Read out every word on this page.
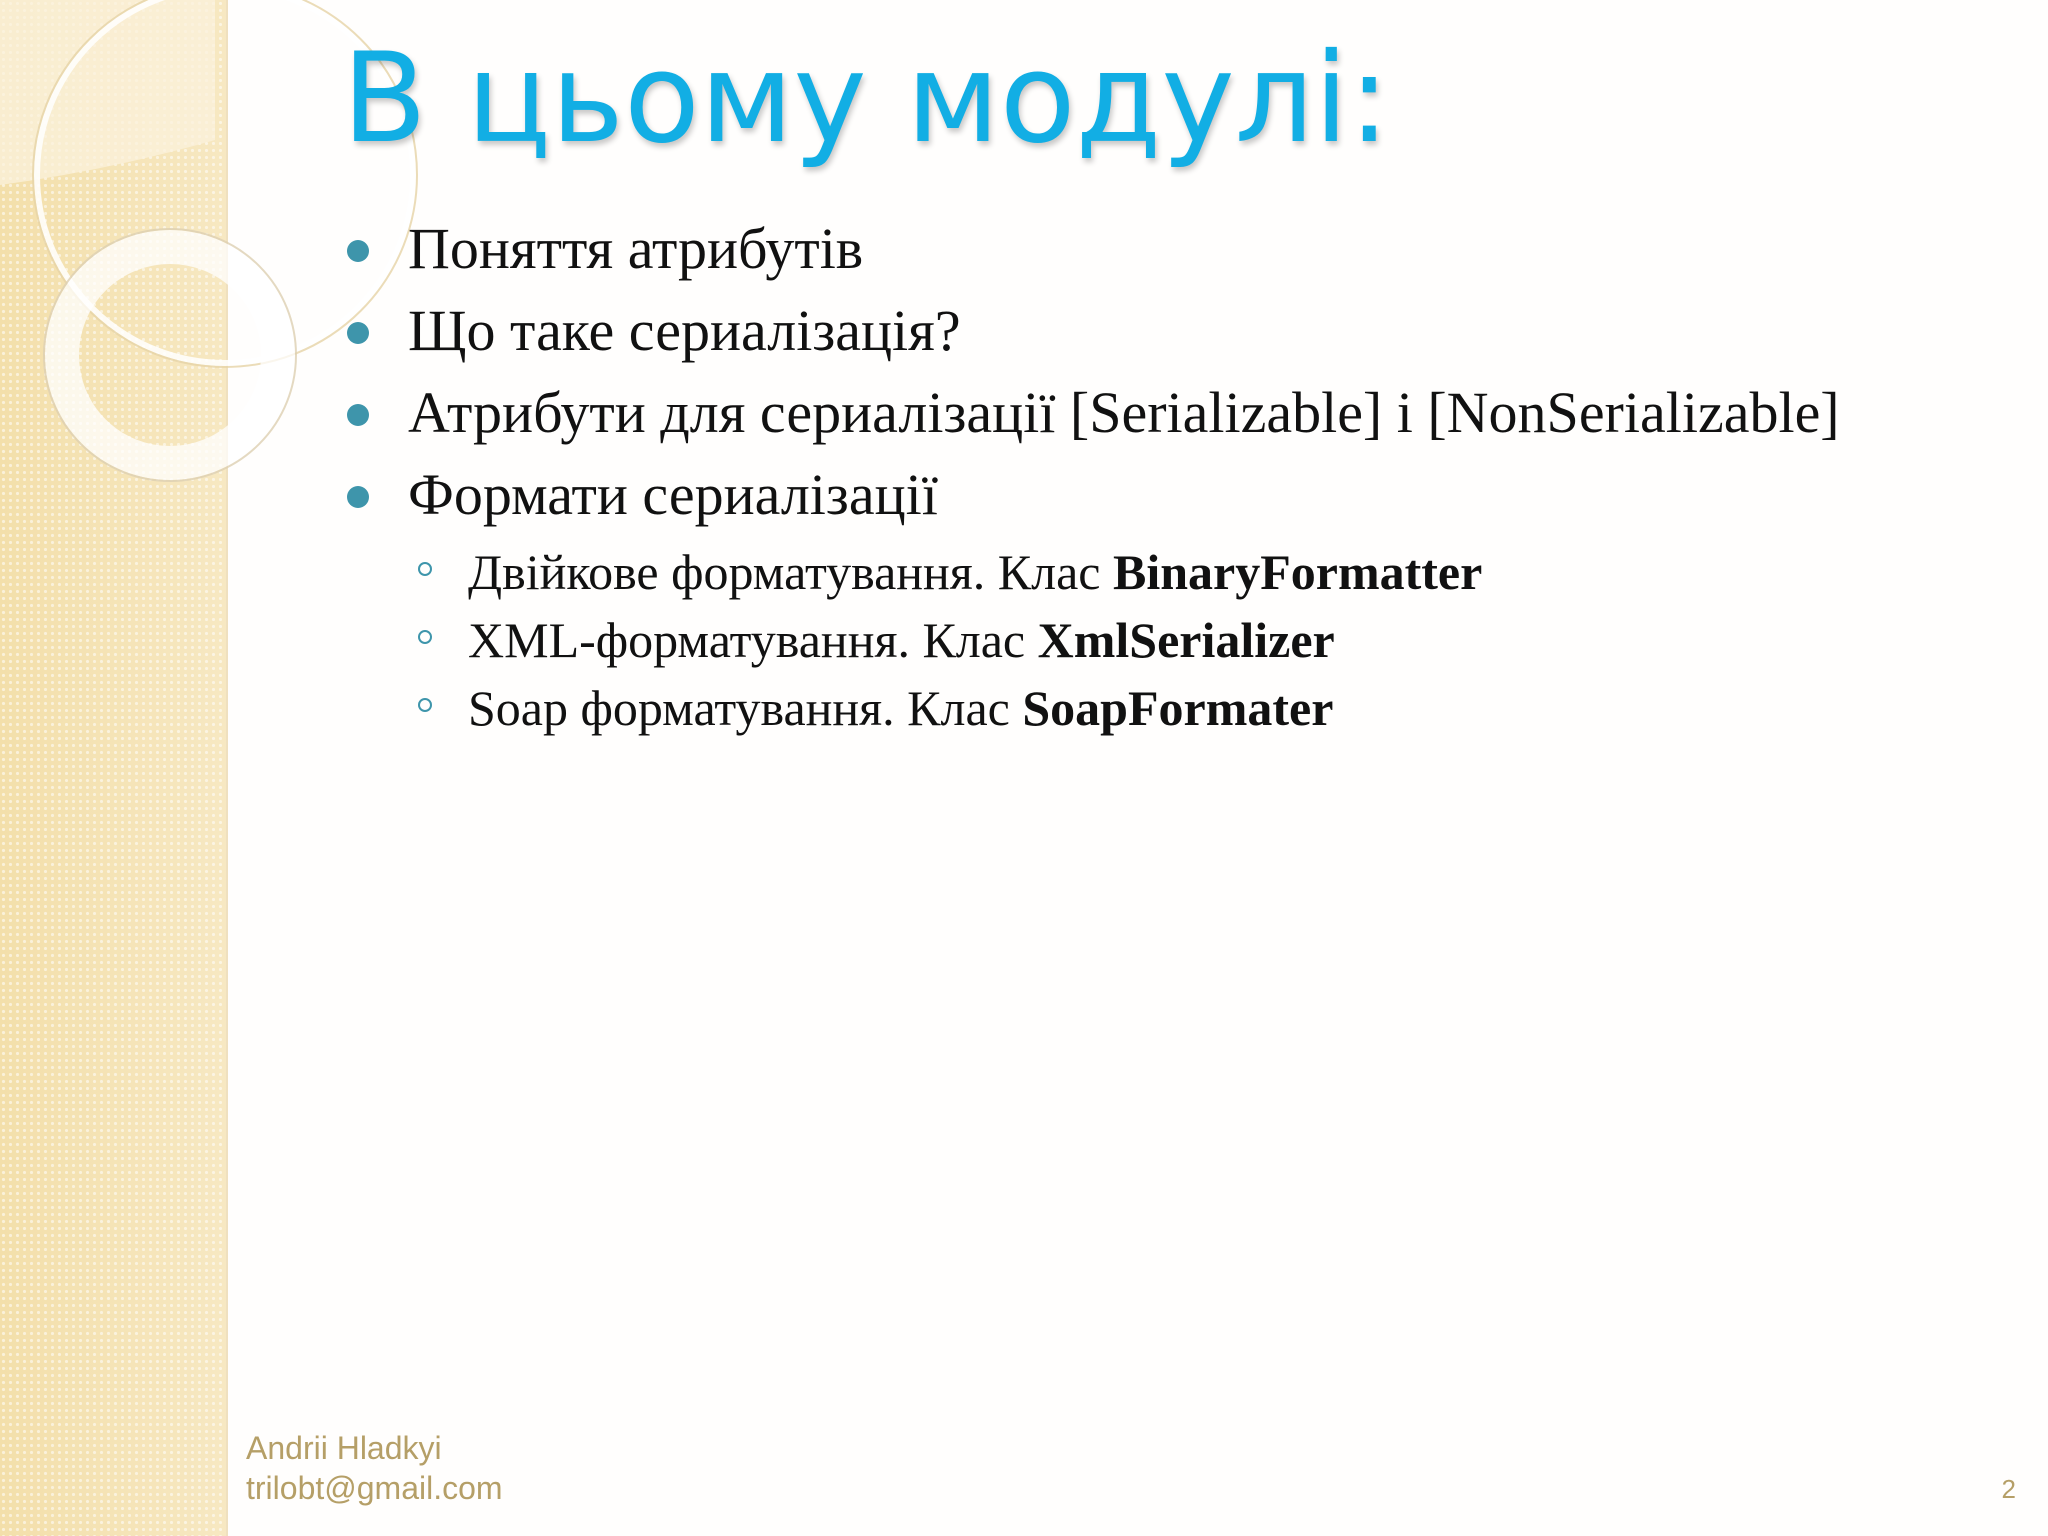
В цьому модулі:
Поняття атрибутів
Що таке сериалізація?
Атрибути для сериалізації [Serializable] і [NonSerializable]
Формати сериалізації
Двійкове форматування. Клас BinaryFormatter
XML-форматування. Клас XmlSerializer
Soap форматування. Клас SoapFormater
Andrii Hladkyi
trilobt@gmail.com	2
